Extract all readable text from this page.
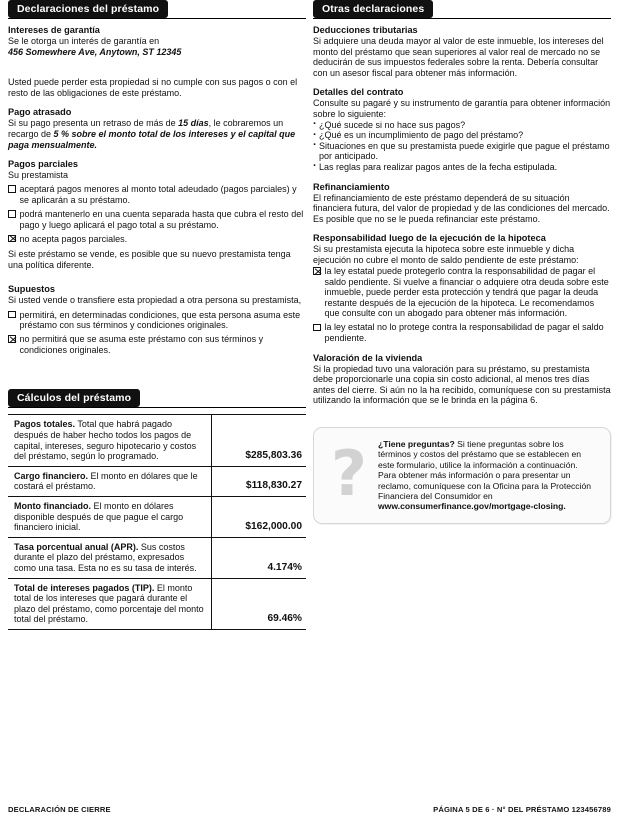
Declaraciones del préstamo
Intereses de garantía
Se le otorga un interés de garantía en
456 Somewhere Ave, Anytown, ST 12345
Usted puede perder esta propiedad si no cumple con sus pagos o con el resto de las obligaciones de este préstamo.
Pago atrasado
Si su pago presenta un retraso de más de 15 días, le cobraremos un recargo de 5 % sobre el monto total de los intereses y el capital que paga mensualmente.
Pagos parciales
Su prestamista
aceptará pagos menores al monto total adeudado (pagos parciales) y se aplicarán a su préstamo.
podrá mantenerlo en una cuenta separada hasta que cubra el resto del pago y luego aplicará el pago total a su préstamo.
no acepta pagos parciales.
Si este préstamo se vende, es posible que su nuevo prestamista tenga una política diferente.
Supuestos
Si usted vende o transfiere esta propiedad a otra persona su prestamista,
permitirá, en determinadas condiciones, que esta persona asuma este préstamo con sus términos y condiciones originales.
no permitirá que se asuma este préstamo con sus términos y condiciones originales.
Cálculos del préstamo
Pagos totales. Total que habrá pagado después de haber hecho todos los pagos de capital, intereses, seguro hipotecario y costos del préstamo, según lo programado.	$285,803.36
Cargo financiero. El monto en dólares que le costará el préstamo.	$118,830.27
Monto financiado. El monto en dólares disponible después de que pague el cargo financiero inicial.	$162,000.00
Tasa porcentual anual (APR). Sus costos durante el plazo del préstamo, expresados como una tasa. Esta no es su tasa de interés.	4.174%
Total de intereses pagados (TIP). El monto total de los intereses que pagará durante el plazo del préstamo, como porcentaje del monto total del préstamo.	69.46%
Otras declaraciones
Deducciones tributarias
Si adquiere una deuda mayor al valor de este inmueble, los intereses del monto del préstamo que sean superiores al valor real de mercado no se deducirán de sus impuestos federales sobre la renta. Debería consultar con un asesor fiscal para obtener más información.
Detalles del contrato
Consulte su pagaré y su instrumento de garantía para obtener información sobre lo siguiente:
· ¿Qué sucede si no hace sus pagos?
· ¿Qué es un incumplimiento de pago del préstamo?
· Situaciones en que su prestamista puede exigirle que pague el préstamo por anticipado.
· Las reglas para realizar pagos antes de la fecha estipulada.
Refinanciamiento
El refinanciamiento de este préstamo dependerá de su situación financiera futura, del valor de propiedad y de las condiciones del mercado. Es posible que no se le pueda refinanciar este préstamo.
Responsabilidad luego de la ejecución de la hipoteca
Si su prestamista ejecuta la hipoteca sobre este inmueble y dicha ejecución no cubre el monto de saldo pendiente de este préstamo:
la ley estatal puede protegerlo contra la responsabilidad de pagar el saldo pendiente. Si vuelve a financiar o adquiere otra deuda sobre este inmueble, puede perder esta protección y tendrá que pagar la deuda restante después de la ejecución de la hipoteca. Le recomendamos que consulte con un abogado para obtener más información.
la ley estatal no lo protege contra la responsabilidad de pagar el saldo pendiente.
Valoración de la vivienda
Si la propiedad tuvo una valoración para su préstamo, su prestamista debe proporcionarle una copia sin costo adicional, al menos tres días antes del cierre. Si aún no la ha recibido, comuníquese con su prestamista utilizando la información que se le brinda en la página 6.
?	¿Tiene preguntas? Si tiene preguntas sobre los términos y costos del préstamo que se establecen en este formulario, utilice la información a continuación. Para obtener más información o para presentar un reclamo, comuníquese con la Oficina para la Protección Financiera del Consumidor en www.consumerfinance.gov/mortgage-closing.
DECLARACIÓN DE CIERRE	PÁGINA 5 DE 6 · N° DEL PRÉSTAMO 123456789
